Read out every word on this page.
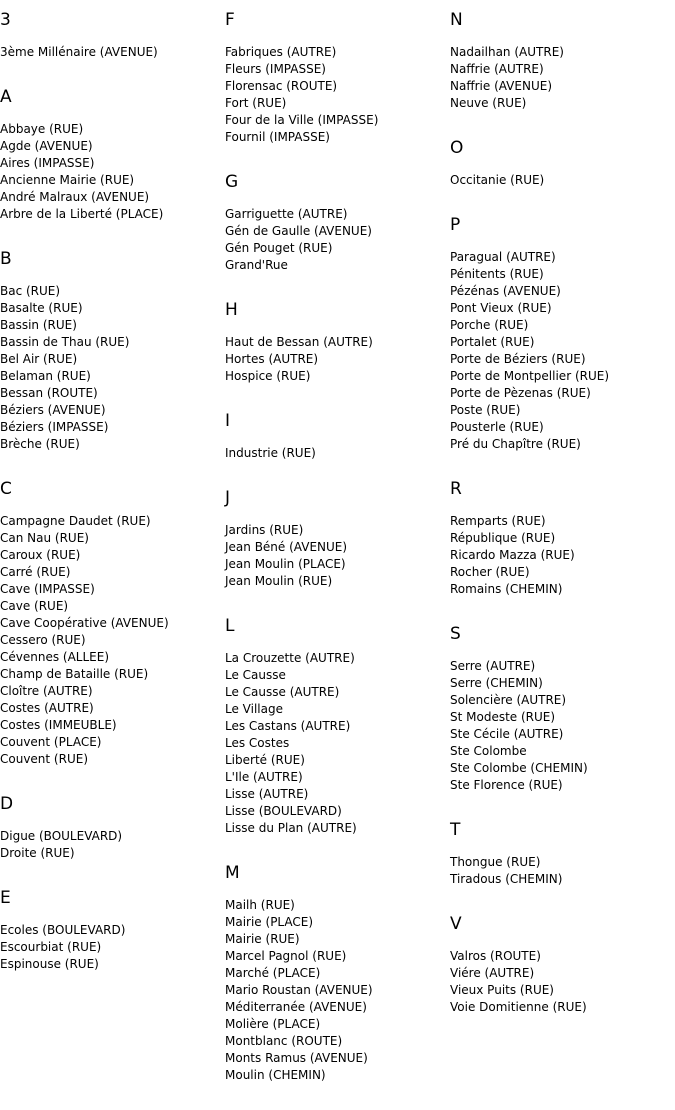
3
3ème Millénaire (AVENUE)
A
Abbaye (RUE)
Agde (AVENUE)
Aires (IMPASSE)
Ancienne Mairie (RUE)
André Malraux (AVENUE)
Arbre de la Liberté (PLACE)
B
Bac (RUE)
Basalte (RUE)
Bassin (RUE)
Bassin de Thau (RUE)
Bel Air (RUE)
Belaman (RUE)
Bessan (ROUTE)
Béziers (AVENUE)
Béziers (IMPASSE)
Brèche (RUE)
C
Campagne Daudet (RUE)
Can Nau (RUE)
Caroux (RUE)
Carré (RUE)
Cave (IMPASSE)
Cave (RUE)
Cave Coopérative (AVENUE)
Cessero (RUE)
Cévennes (ALLEE)
Champ de Bataille (RUE)
Cloître (AUTRE)
Costes (AUTRE)
Costes (IMMEUBLE)
Couvent (PLACE)
Couvent (RUE)
D
Digue (BOULEVARD)
Droite (RUE)
E
Ecoles (BOULEVARD)
Escourbiat (RUE)
Espinouse (RUE)
F
Fabriques (AUTRE)
Fleurs (IMPASSE)
Florensac (ROUTE)
Fort (RUE)
Four de la Ville (IMPASSE)
Fournil (IMPASSE)
G
Garriguette (AUTRE)
Gén de Gaulle (AVENUE)
Gén Pouget (RUE)
Grand'Rue
H
Haut de Bessan (AUTRE)
Hortes (AUTRE)
Hospice (RUE)
I
Industrie (RUE)
J
Jardins (RUE)
Jean Béné (AVENUE)
Jean Moulin (PLACE)
Jean Moulin (RUE)
L
La Crouzette (AUTRE)
Le Causse
Le Causse (AUTRE)
Le Village
Les Castans (AUTRE)
Les Costes
Liberté (RUE)
L'Ile (AUTRE)
Lisse (AUTRE)
Lisse (BOULEVARD)
Lisse du Plan (AUTRE)
M
Mailh (RUE)
Mairie (PLACE)
Mairie (RUE)
Marcel Pagnol (RUE)
Marché (PLACE)
Mario Roustan (AVENUE)
Méditerranée (AVENUE)
Molière (PLACE)
Montblanc (ROUTE)
Monts Ramus (AVENUE)
Moulin (CHEMIN)
N
Nadailhan (AUTRE)
Naffrie (AUTRE)
Naffrie (AVENUE)
Neuve (RUE)
O
Occitanie (RUE)
P
Paragual (AUTRE)
Pénitents (RUE)
Pézénas (AVENUE)
Pont Vieux (RUE)
Porche (RUE)
Portalet (RUE)
Porte de Béziers (RUE)
Porte de Montpellier (RUE)
Porte de Pèzenas (RUE)
Poste (RUE)
Pousterle (RUE)
Pré du Chapître (RUE)
R
Remparts (RUE)
République (RUE)
Ricardo Mazza (RUE)
Rocher (RUE)
Romains (CHEMIN)
S
Serre (AUTRE)
Serre (CHEMIN)
Solencière (AUTRE)
St Modeste (RUE)
Ste Cécile (AUTRE)
Ste Colombe
Ste Colombe (CHEMIN)
Ste Florence (RUE)
T
Thongue (RUE)
Tiradous (CHEMIN)
V
Valros (ROUTE)
Viére (AUTRE)
Vieux Puits (RUE)
Voie Domitienne (RUE)
